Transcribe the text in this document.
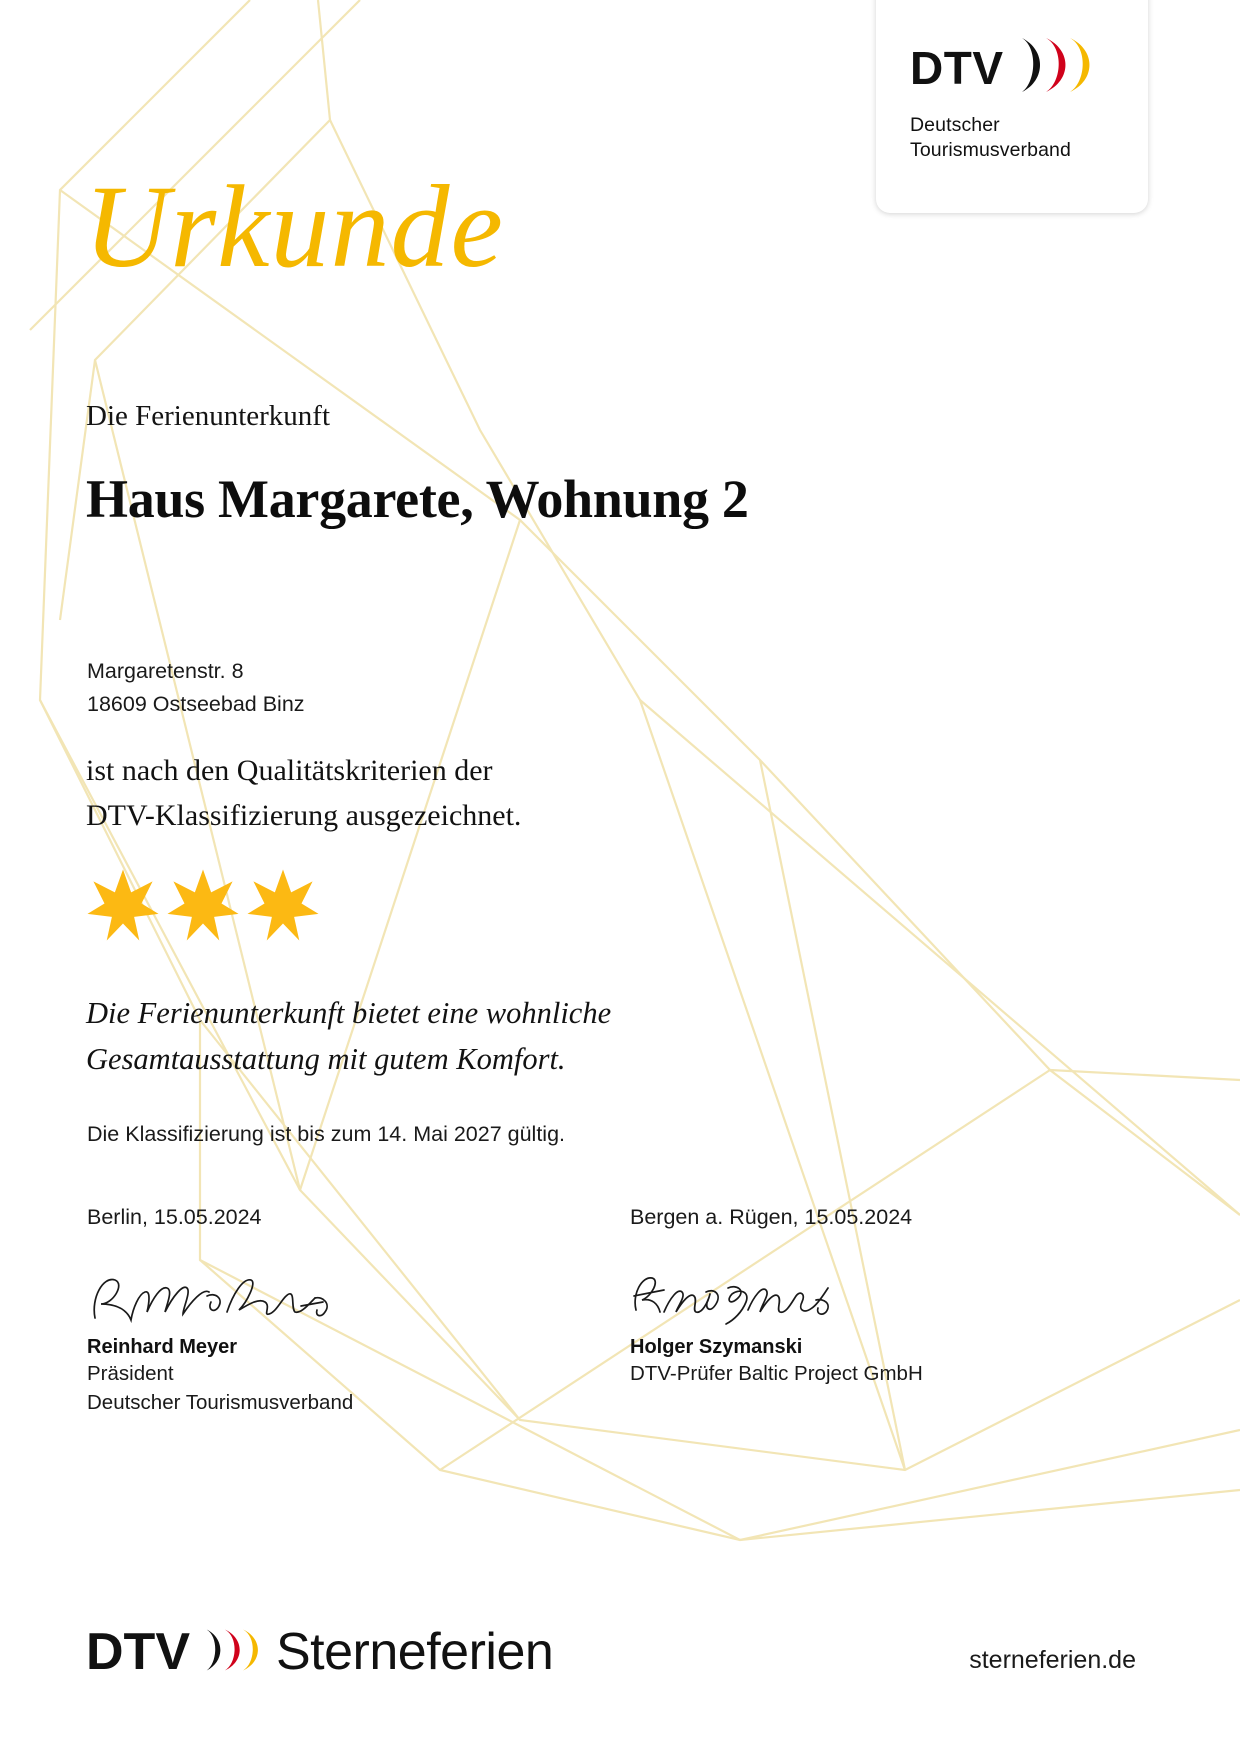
DTV
Deutscher
Tourismusverband
Urkunde
Die Ferienunterkunft
Haus Margarete, Wohnung 2
Margaretenstr. 8
18609 Ostseebad Binz
ist nach den Qualitätskriterien der
DTV-Klassifizierung ausgezeichnet.
Die Ferienunterkunft bietet eine wohnliche
Gesamtausstattung mit gutem Komfort.
Die Klassifizierung ist bis zum 14. Mai 2027 gültig.
Berlin, 15.05.2024
Reinhard Meyer
Präsident
Deutscher Tourismusverband
Bergen a. Rügen, 15.05.2024
Holger Szymanski
DTV-Prüfer Baltic Project GmbH
DTV Sterneferien	sterneferien.de
